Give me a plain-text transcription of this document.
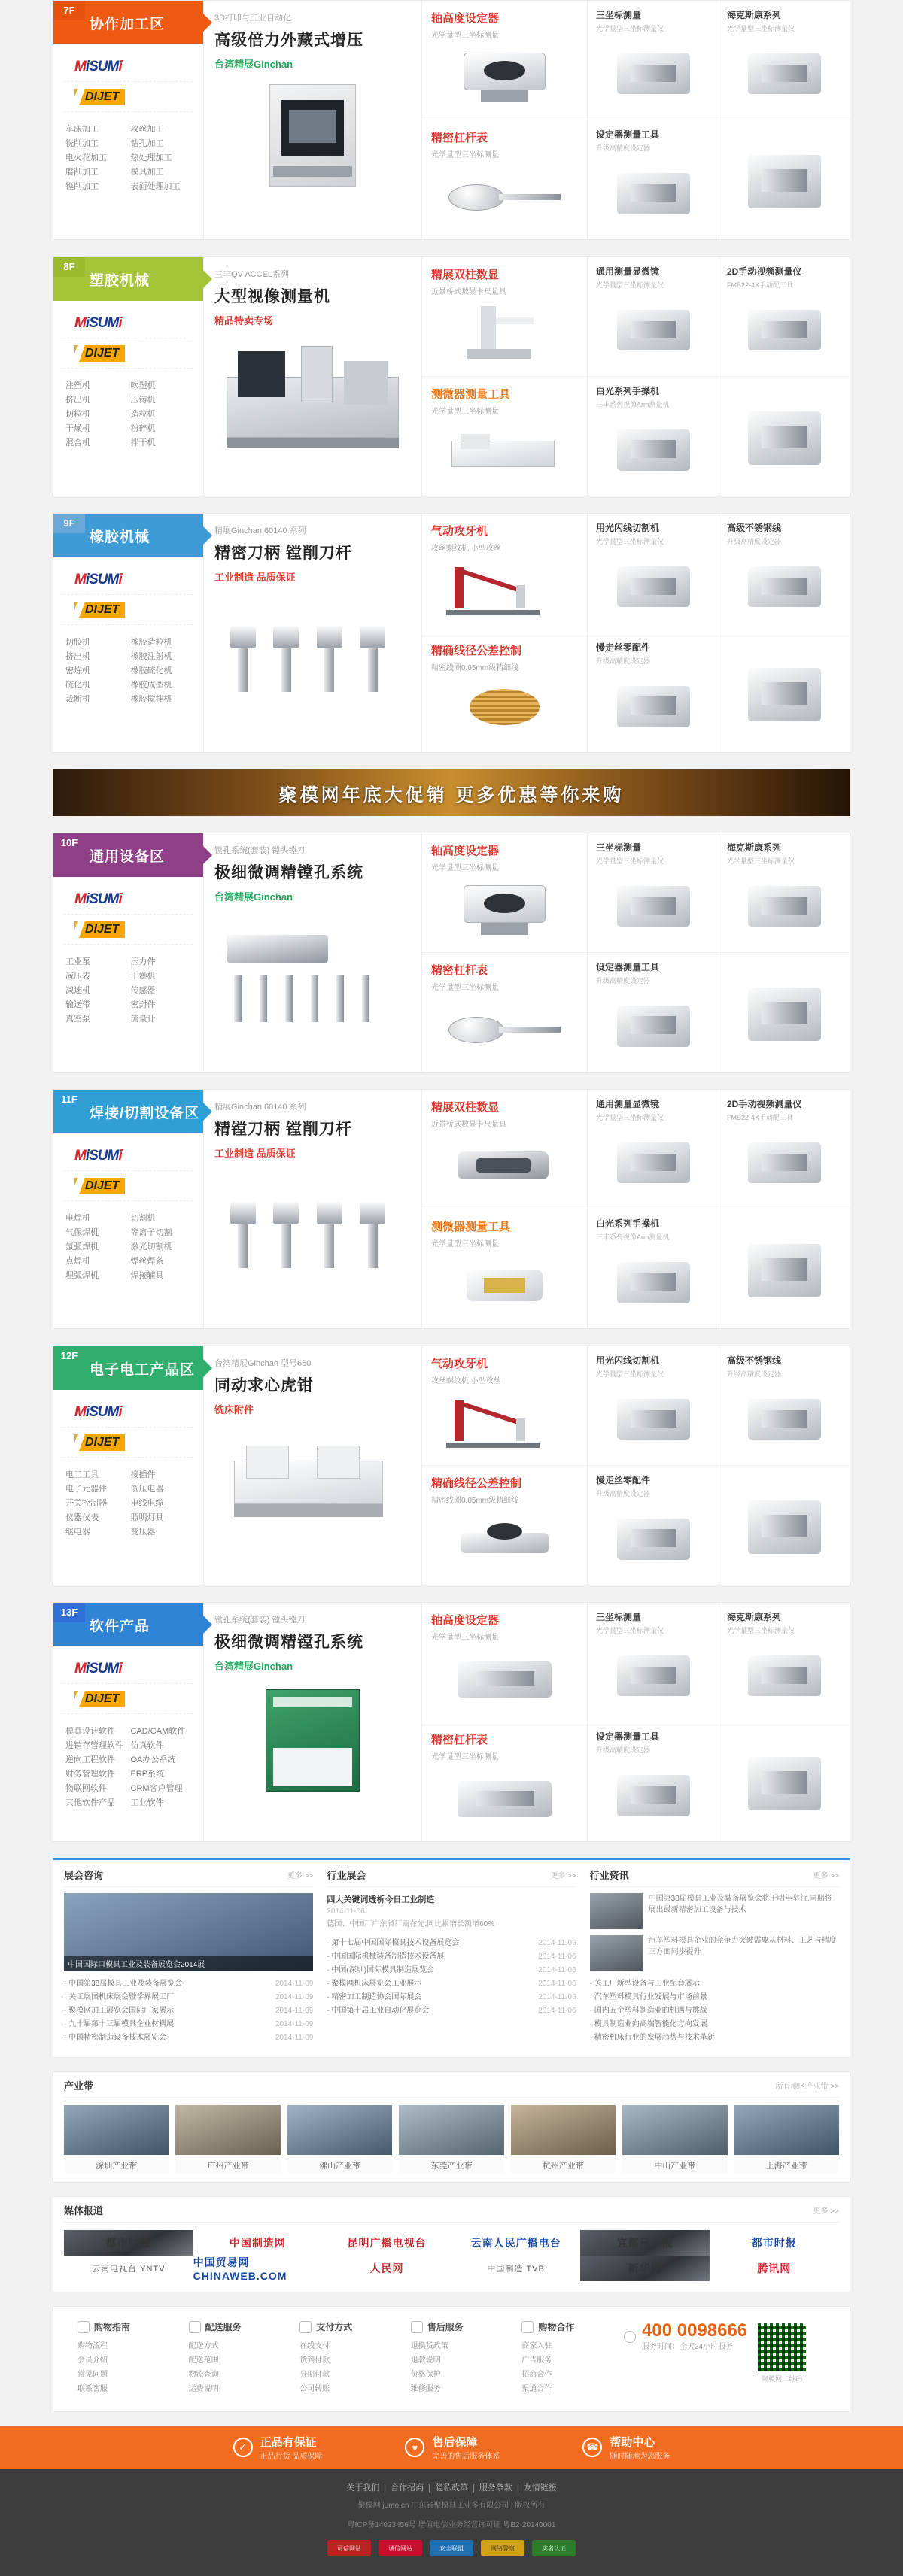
7F
协作加工区
MiSUMi
DIJET
车床加工	攻丝加工
铣削加工	钻孔加工
电火花加工	热处理加工
磨削加工	模具加工
镗削加工	表面处理加工
3D打印与工业自动化
高级倍力外藏式增压
台湾精展Ginchan
轴高度设定器
光学量型三坐标测量
精密杠杆表
光学量型三坐标测量
三坐标测量
光学量型三坐标测量仪
海克斯康系列
光学量型三坐标测量仪
设定器测量工具
升级高精度设定器
8F
塑胶机械
MiSUMi
DIJET
注塑机	吹塑机
挤出机	压铸机
切粒机	造粒机
干燥机	粉碎机
混合机	拌干机
三丰QV ACCEL系列
大型视像测量机
精品特卖专场
精展双柱数显
近景桥式数显卡尺量具
测微器测量工具
光学量型三坐标测量
通用测量显微镜
光学量型三坐标测量仪
2D手动视频测量仪
FMB22-4X手动配工具
白光系列手操机
三丰系列视像Arm测量机
9F
橡胶机械
MiSUMi
DIJET
切胶机	橡胶造粒机
挤出机	橡胶注射机
密炼机	橡胶硫化机
硫化机	橡胶成型机
裁断机	橡胶搅拌机
精展Ginchan 60140 系列
精密刀柄 镗削刀杆
工业制造 品质保证
气动攻牙机
攻丝螺纹机 小型攻丝
精确线径公差控制
精密线圈0.05mm级精细线
用光闪线切割机
光学量型三坐标测量仪
高级不锈钢线
升级高精度设定器
慢走丝零配件
升级高精度设定器
聚模网年底大促销 更多优惠等你来购
10F
通用设备区
MiSUMi
DIJET
工业泵	压力件
减压表	干燥机
减速机	传感器
输送带	密封件
真空泵	流量计
镗孔系统(套装) 镗头镗刀
极细微调精镗孔系统
台湾精展Ginchan
轴高度设定器
光学量型三坐标测量
精密杠杆表
光学量型三坐标测量
三坐标测量
光学量型三坐标测量仪
海克斯康系列
光学量型三坐标测量仪
设定器测量工具
升级高精度设定器
11F
焊接/切割设备区
MiSUMi
DIJET
电焊机	切割机
气保焊机	等离子切割
氩弧焊机	激光切割机
点焊机	焊丝焊条
埋弧焊机	焊接辅具
精展Ginchan 60140 系列
精镗刀柄 镗削刀杆
工业制造 品质保证
精展双柱数显
近景桥式数显卡尺量具
测微器测量工具
光学量型三坐标测量
通用测量显微镜
光学量型三坐标测量仪
2D手动视频测量仪
FMB22-4X手动配工具
白光系列手操机
三丰系列视像Arm测量机
12F
电子电工产品区
MiSUMi
DIJET
电工工具	接插件
电子元器件	低压电器
开关控制器	电线电缆
仪器仪表	照明灯具
继电器	变压器
台湾精展Ginchan 型号650
同动求心虎钳
铣床附件
气动攻牙机
攻丝螺纹机 小型攻丝
精确线径公差控制
精密线圈0.05mm级精细线
用光闪线切割机
光学量型三坐标测量仪
高级不锈钢线
升级高精度设定器
慢走丝零配件
升级高精度设定器
13F
软件产品
MiSUMi
DIJET
模具设计软件	CAD/CAM软件
进销存管理软件 仿真软件
逆向工程软件	OA办公系统
财务管理软件	ERP系统
物联网软件	CRM客户管理
其他软件产品	工业软件
镗孔系统(套装) 镗头镗刀
极细微调精镗孔系统
台湾精展Ginchan
轴高度设定器
光学量型三坐标测量
精密杠杆表
光学量型三坐标测量
三坐标测量
光学量型三坐标测量仪
海克斯康系列
光学量型三坐标测量仪
设定器测量工具
升级高精度设定器
展会咨询	更多 >>
中国国际口模具工业及装备展览会2014展
· 中国第38届模具工业及装备展览会	2014-11-09
· 关工展国机床展会暨学界展工厂	2014-11-09
· 聚模网加工展览会国际厂家展示	2014-11-09
· 九十届第十三届模具企业材料展	2014-11-09
· 中国精密制造设备技术展览会	2014-11-09
行业展会	更多 >>
四大关键词透析今日工业制造
2014-11-06
德国、中国厂广东省厂商在先,同比累增长额增60%
· 第十七届中国国际模具技术设备展览会	2014-11-06
· 中国国际机械装备制造技术设备展	2014-11-06
· 中国(深圳)国际模具制造展览会	2014-11-06
· 聚模网机床展览会工业展示	2014-11-06
· 精密加工制造协会国际展会	2014-11-06
· 中国第十届工业自动化展览会	2014-11-06
行业资讯	更多 >>
中国第38届模具工业及装备展览会将于明年举行,同期将展出最新精密加工设备与技术
汽车塑料模具企业的竞争力突破需要从材料、工艺与精度三方面同步提升
· 关工厂新型设备与工业配套展示
· 汽车塑料模具行业发展与市场前景
· 国内五金塑料制造业的机遇与挑战
· 模具制造业向高端智能化方向发展
· 精密机床行业的发展趋势与技术革新
产业带	所有地区产业带 >>
深圳产业带	广州产业带	佛山产业带	东莞产业带	杭州产业带	中山产业带	上海产业带
媒体报道	更多 >>
都市时报	中国制造网	昆明广播电视台	云南人民广播电台	宜都日志报	都市时报
云南电视台 YNTV
中国贸易网 CHINAWEB.COM
人民网	中国制造 TVB	新华网	腾讯网
购物指南
购物流程
会员介绍
常见问题
联系客服
配送服务
配送方式
配送范围
物流查询
运费说明
支付方式
在线支付
货到付款
分期付款
公司转账
售后服务
退换货政策
退款说明
价格保护
维修服务
购物合作
商家入驻
广告服务
招商合作
渠道合作
400 0098666
服务时间：全天24小时服务
聚模网二维码
✓	正品有保证
正品行货 品质保障
♥	售后保障
完善的售后服务体系
☎ 帮助中心
随时随地为您服务
关于我们 | 合作招商 | 隐私政策 | 服务条款 | 友情链接
聚模网 jumo.cn 广东省聚模具工业多有限公司 | 版权所有
粤ICP备14023456号 增值电信业务经营许可证 粤B2-20140001
可信网站	诚信网站	安全联盟	网络警察	实名认证
